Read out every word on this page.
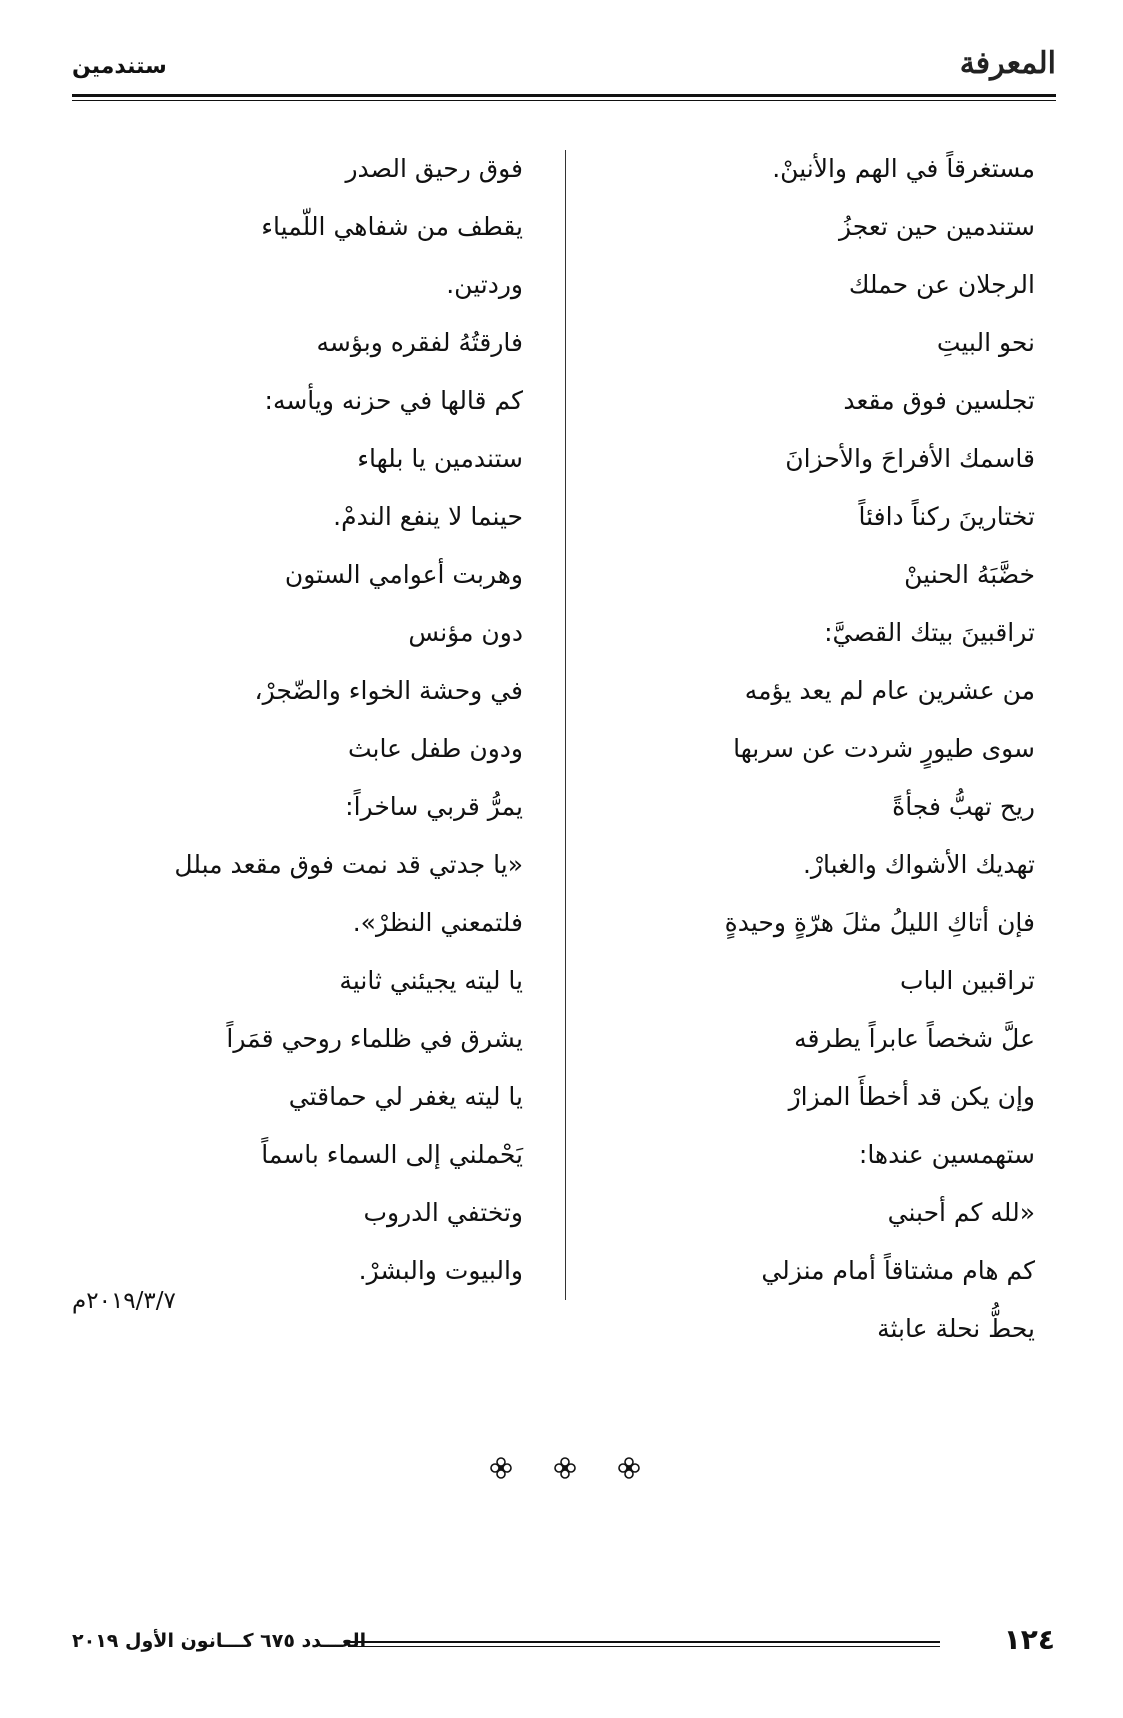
ستندمين	المعرفة
مستغرقاً في الهم والأنينْ.
ستندمين حين تعجزُ
الرجلان عن حملك
نحو البيتِ
تجلسين فوق مقعد
قاسمك الأفراحَ والأحزانَ
تختارينَ ركناً دافئاً
خضَّبَهُ الحنينْ
تراقبينَ بيتك القصيَّ:
من عشرين عام لم يعد يؤمه
سوى طيورٍ شردت عن سربها
ريح تهبُّ فجأةً
تهديك الأشواك والغبارْ.
فإن أتاكِ الليلُ مثلَ هرّةٍ وحيدةٍ
تراقبين الباب
علَّ شخصاً عابراً يطرقه
وإن يكن قد أخطأَ المزارْ
ستهمسين عندها:
«لله كم أحبني
كم هام مشتاقاً أمام منزلي
يحطُّ نحلة عابثة
فوق رحيق الصدر
يقطف من شفاهي اللّمياء
وردتين.
فارقتُهُ لفقره وبؤسه
كم قالها في حزنه ويأسه:
ستندمين يا بلهاء
حينما لا ينفع الندمْ.
وهربت أعوامي الستون
دون مؤنس
في وحشة الخواء والضّجرْ،
ودون طفل عابث
يمرُّ قربي ساخراً:
«يا جدتي قد نمت فوق مقعد مبلل
فلتمعني النظرْ».
يا ليته يجيئني ثانية
يشرق في ظلماء روحي قمَراً
يا ليته يغفر لي حماقتي
يَحْملني إلى السماء باسماً
وتختفي الدروب
والبيوت والبشرْ.
٢٠١٩/٣/٧م
العـــدد ٦٧٥ كـــانون الأول ٢٠١٩	١٢٤
